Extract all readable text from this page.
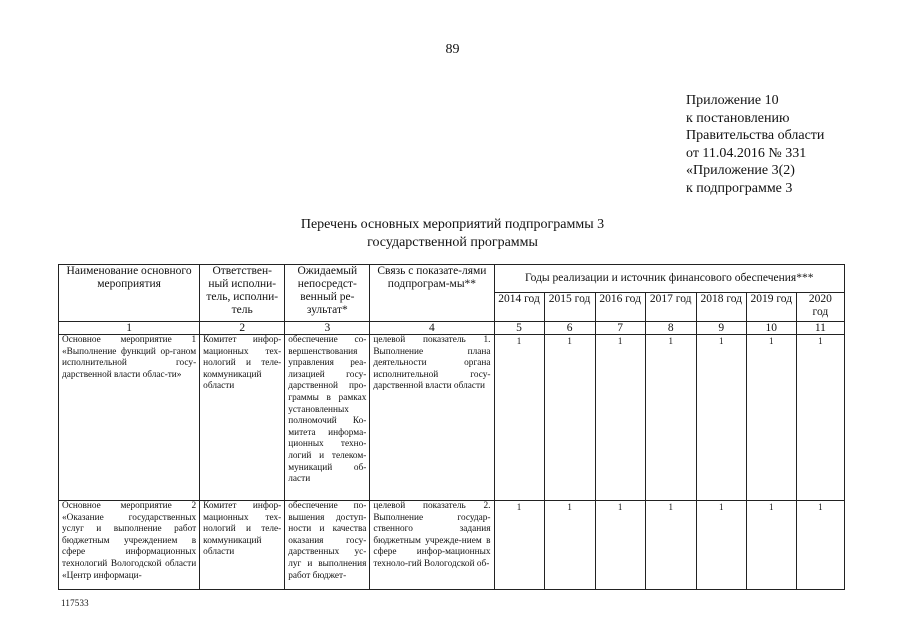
89
Приложение 10
к постановлению
Правительства области
от 11.04.2016 № 331
«Приложение 3(2)
к подпрограмме 3
Перечень основных мероприятий подпрограммы 3
государственной программы
Наименование основного мероприятия	Ответствен-ный исполни-тель, исполни-тель	Ожидаемый непосредст-венный ре-зультат*	Связь с показате-лями подпрограм-мы**	Годы реализации и источник финансового обеспечения***						
				2014 год	2015 год	2016 год	2017 год	2018 год	2019 год	2020 год
1	2	3	4	5	6	7	8	9	10	11
Основное мероприятие 1 «Выполнение функций ор-ганом исполнительной госу-дарственной власти облас-ти»	Комитет инфор-мационных тех-нологий и теле-коммуникаций области	обеспечение со-вершенствования управления реа-лизацией госу-дарственной про-граммы в рамках установленных полномочий Ко-митета информа-ционных техно-логий и телеком-муникаций об-ласти	целевой показатель 1. Выполнение плана деятельности органа исполнительной госу-дарственной власти области	1	1	1	1	1	1	1
Основное мероприятие 2 «Оказание государственных услуг и выполнение работ бюджетным учреждением в сфере информационных технологий Вологодской области «Центр информаци-	Комитет инфор-мационных тех-нологий и теле-коммуникаций области	обеспечение по-вышения доступ-ности и качества оказания госу-дарственных ус-луг и выполнения работ бюджет-	целевой показатель 2. Выполнение государ-ственного задания бюджетным учрежде-нием в сфере инфор-мационных техноло-гий Вологодской об-	1	1	1	1	1	1	1
117533
